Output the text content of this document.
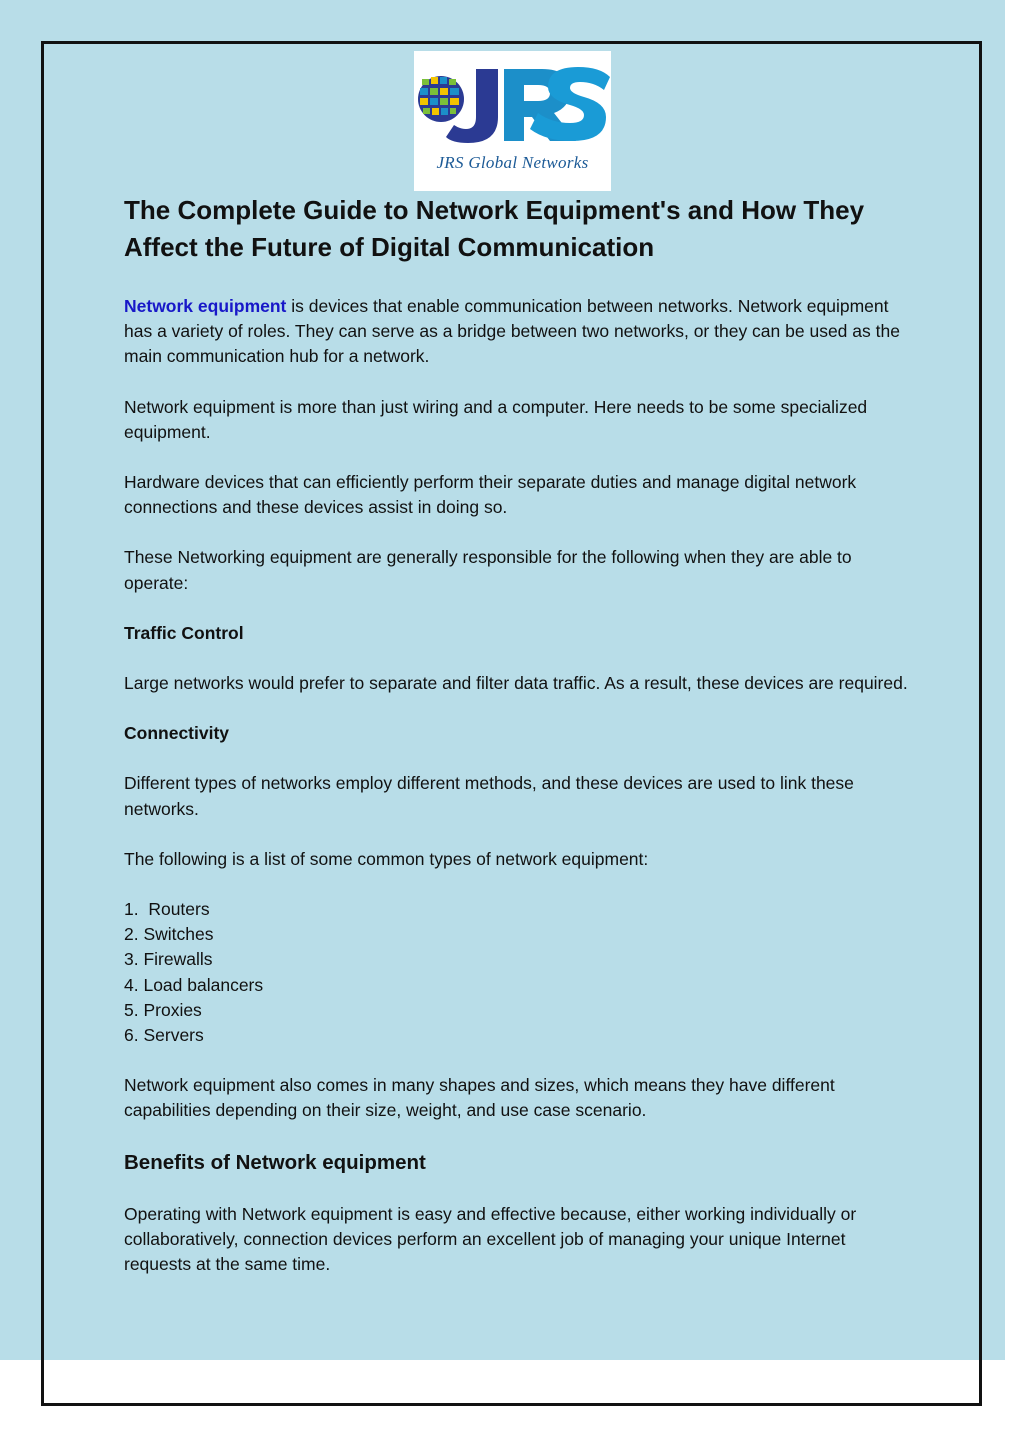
JRS Global Networks
The Complete Guide to Network Equipment's and How They Affect the Future of Digital Communication

Network equipment is devices that enable communication between networks. Network equipment has a variety of roles. They can serve as a bridge between two networks, or they can be used as the main communication hub for a network.

Network equipment is more than just wiring and a computer. Here needs to be some specialized equipment.

Hardware devices that can efficiently perform their separate duties and manage digital network connections and these devices assist in doing so.

These Networking equipment are generally responsible for the following when they are able to operate:

Traffic Control

Large networks would prefer to separate and filter data traffic. As a result, these devices are required.

Connectivity

Different types of networks employ different methods, and these devices are used to link these networks.

The following is a list of some common types of network equipment:

1.  Routers
2. Switches
3. Firewalls
4. Load balancers
5. Proxies
6. Servers

Network equipment also comes in many shapes and sizes, which means they have different capabilities depending on their size, weight, and use case scenario.

Benefits of Network equipment

Operating with Network equipment is easy and effective because, either working individually or collaboratively, connection devices perform an excellent job of managing your unique Internet requests at the same time.
